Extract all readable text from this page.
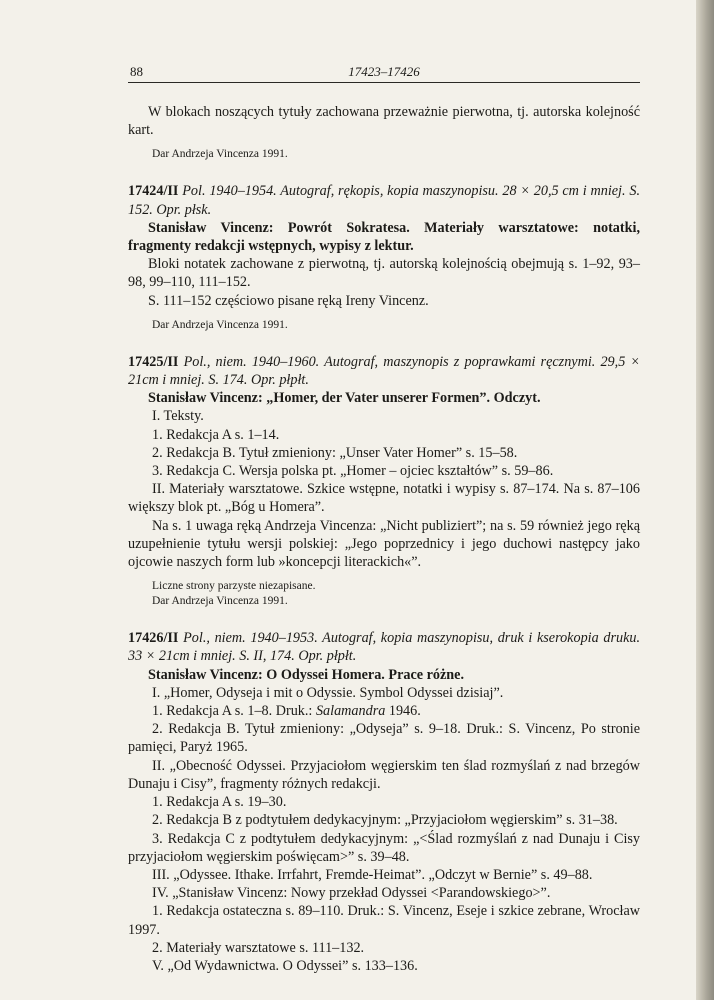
88	17423–17426

W blokach noszących tytuły zachowana przeważnie pierwotna, tj. autorska kolejność kart.

Dar Andrzeja Vincenza 1991.

17424/II Pol. 1940–1954. Autograf, rękopis, kopia maszynopisu. 28 × 20,5 cm i mniej. S. 152. Opr. płsk.

Stanisław Vincenz: Powrót Sokratesa. Materiały warsztatowe: notatki, fragmenty redakcji wstępnych, wypisy z lektur.

Bloki notatek zachowane z pierwotną, tj. autorską kolejnością obejmują s. 1–92, 93–98, 99–110, 111–152.

S. 111–152 częściowo pisane ręką Ireny Vincenz.

Dar Andrzeja Vincenza 1991.

17425/II Pol., niem. 1940–1960. Autograf, maszynopis z poprawkami ręcznymi. 29,5 × 21cm i mniej. S. 174. Opr. płpłt.

Stanisław Vincenz: „Homer, der Vater unserer Formen”. Odczyt.

I. Teksty.

1. Redakcja A s. 1–14.

2. Redakcja B. Tytuł zmieniony: „Unser Vater Homer” s. 15–58.

3. Redakcja C. Wersja polska pt. „Homer – ojciec kształtów” s. 59–86.

II. Materiały warsztatowe. Szkice wstępne, notatki i wypisy s. 87–174. Na s. 87–106 większy blok pt. „Bóg u Homera”.

Na s. 1 uwaga ręką Andrzeja Vincenza: „Nicht publiziert”; na s. 59 również jego ręką uzupełnienie tytułu wersji polskiej: „Jego poprzednicy i jego duchowi następcy jako ojcowie naszych form lub »koncepcji literackich«”.

Liczne strony parzyste niezapisane.

Dar Andrzeja Vincenza 1991.

17426/II Pol., niem. 1940–1953. Autograf, kopia maszynopisu, druk i kserokopia druku. 33 × 21cm i mniej. S. II, 174. Opr. płpłt.

Stanisław Vincenz: O Odyssei Homera. Prace różne.

I. „Homer, Odyseja i mit o Odyssie. Symbol Odyssei dzisiaj”.

1. Redakcja A s. 1–8. Druk.: Salamandra 1946.

2. Redakcja B. Tytuł zmieniony: „Odyseja” s. 9–18. Druk.: S. Vincenz, Po stronie pamięci, Paryż 1965.

II. „Obecność Odyssei. Przyjaciołom węgierskim ten ślad rozmyślań z nad brzegów Dunaju i Cisy”, fragmenty różnych redakcji.

1. Redakcja A s. 19–30.

2. Redakcja B z podtytułem dedykacyjnym: „Przyjaciołom węgierskim” s. 31–38.

3. Redakcja C z podtytułem dedykacyjnym: „<Ślad rozmyślań z nad Dunaju i Cisy przyjaciołom węgierskim poświęcam>” s. 39–48.

III. „Odyssee. Ithake. Irrfahrt, Fremde-Heimat”. „Odczyt w Bernie” s. 49–88.

IV. „Stanisław Vincenz: Nowy przekład Odyssei <Parandowskiego>”.

1. Redakcja ostateczna s. 89–110. Druk.: S. Vincenz, Eseje i szkice zebrane, Wrocław 1997.

2. Materiały warsztatowe s. 111–132.

V. „Od Wydawnictwa. O Odyssei” s. 133–136.
